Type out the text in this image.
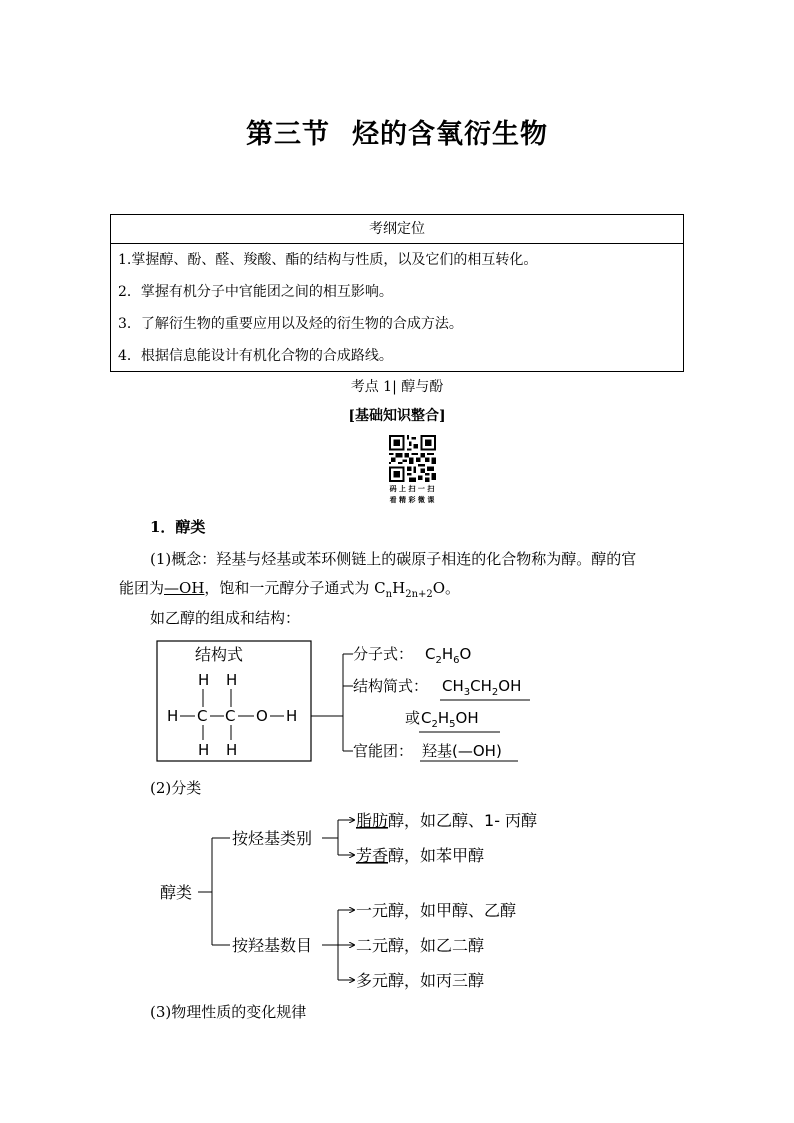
第三节 烃的含氧衍生物
考纲定位
1.掌握醇、酚、醛、羧酸、酯的结构与性质，以及它们的相互转化。
2．掌握有机分子中官能团之间的相互影响。
3．了解衍生物的重要应用以及烃的衍生物的合成方法。
4．根据信息能设计有机化合物的合成路线。
考点 1| 醇与酚
[基础知识整合]
码 上 扫 一 扫
看 精 彩 微 课
1．醇类
(1)概念：羟基与烃基或苯环侧链上的碳原子相连的化合物称为醇。醇的官
能团为—OH，饱和一元醇分子通式为 $C_nH_{2n+2}O$。
如乙醇的组成和结构：
结构式
H H
H C C O H
H H
分子式： $C_2H_6O$
结构简式： $CH_3CH_2OH$
或 $C_2H_5OH$
官能团： 羟基(—OH)
(2)分类
醇类
按烃基类别
按羟基数目
脂肪醇，如乙醇、1- 丙醇
芳香醇，如苯甲醇
一元醇，如甲醇、乙醇
二元醇，如乙二醇
多元醇，如丙三醇
(3)物理性质的变化规律
